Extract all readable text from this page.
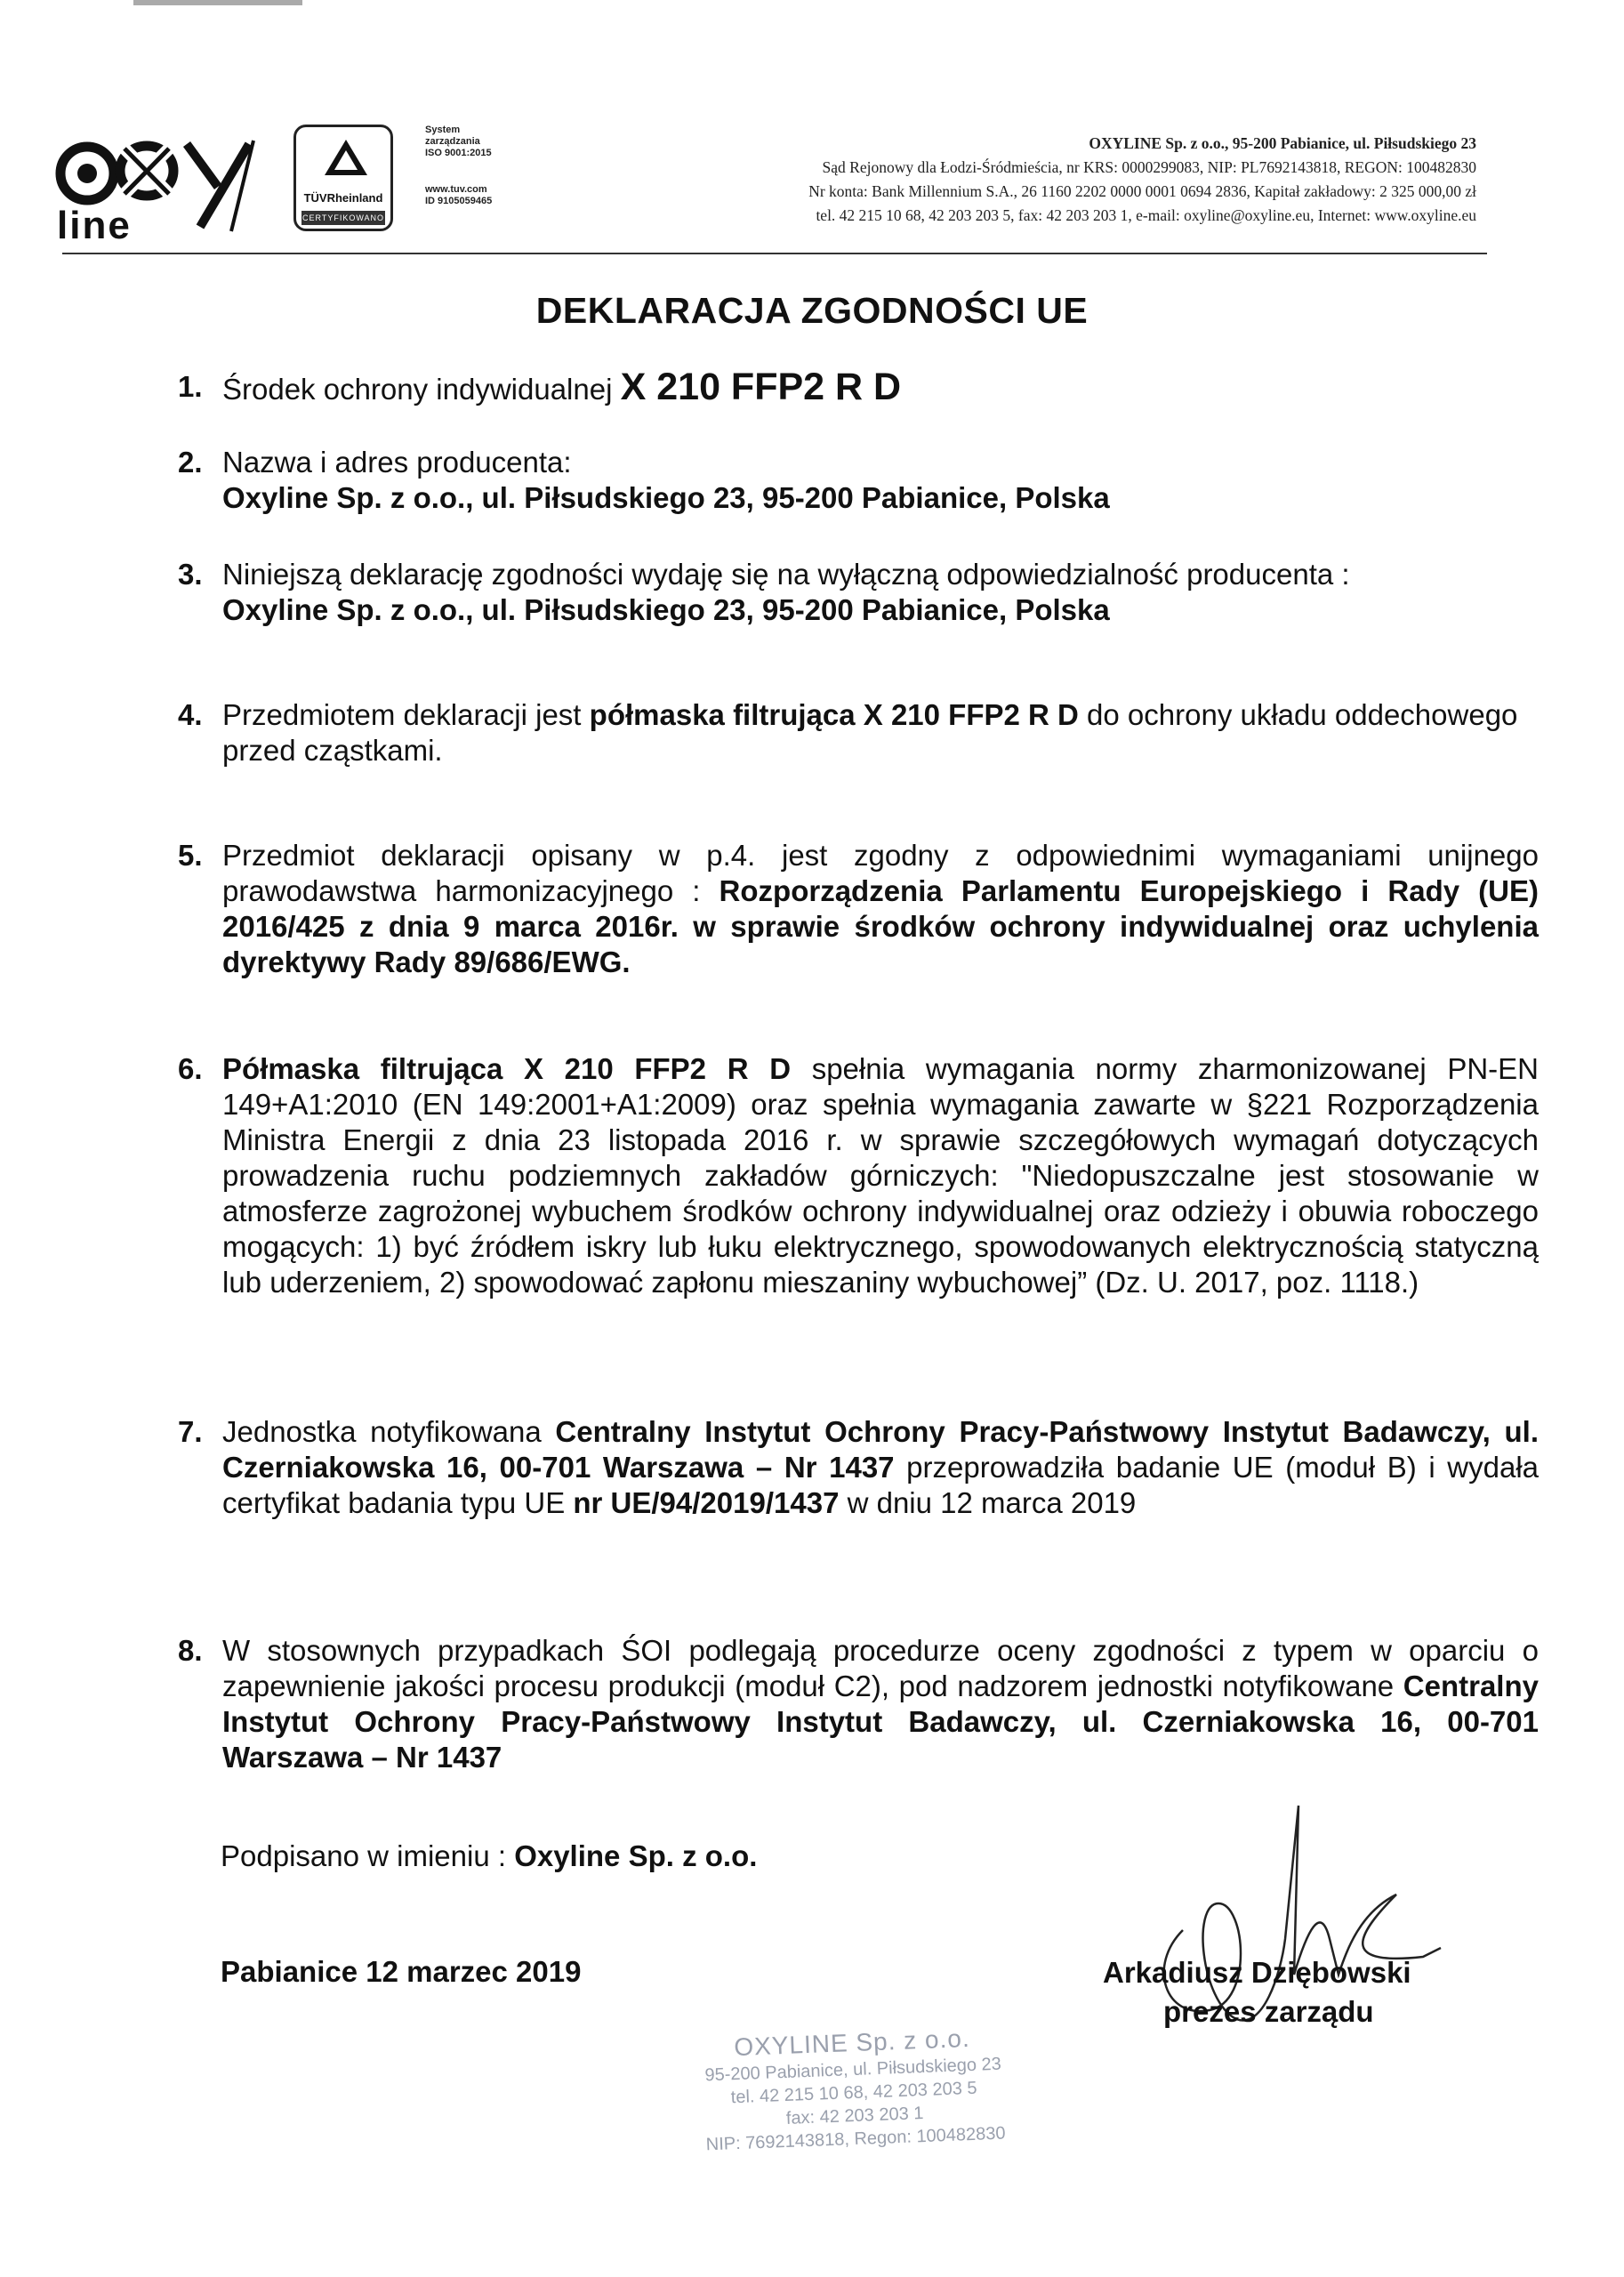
line
TÜVRheinland
CERTYFIKOWANO
System
zarządzania
ISO 9001:2015
www.tuv.com
ID 9105059465
OXYLINE Sp. z o.o., 95-200 Pabianice, ul. Piłsudskiego 23
Sąd Rejonowy dla Łodzi-Śródmieścia, nr KRS: 0000299083, NIP: PL7692143818, REGON: 100482830
Nr konta: Bank Millennium S.A., 26 1160 2202 0000 0001 0694 2836, Kapitał zakładowy: 2 325 000,00 zł
tel. 42 215 10 68, 42 203 203 5, fax: 42 203 203 1, e-mail: oxyline@oxyline.eu, Internet: www.oxyline.eu
DEKLARACJA ZGODNOŚCI UE
1. Środek ochrony indywidualnej X 210 FFP2 R D
2. Nazwa i adres producenta:
Oxyline Sp. z o.o., ul. Piłsudskiego 23, 95-200 Pabianice, Polska
3. Niniejszą deklarację zgodności wydaję się na wyłączną odpowiedzialność producenta :
Oxyline Sp. z o.o., ul. Piłsudskiego 23, 95-200 Pabianice, Polska
4. Przedmiotem deklaracji jest półmaska filtrująca X 210 FFP2 R D do ochrony układu oddechowego przed cząstkami.
5. Przedmiot deklaracji opisany w p.4. jest zgodny z odpowiednimi wymaganiami unijnego prawodawstwa harmonizacyjnego : Rozporządzenia Parlamentu Europejskiego i Rady (UE) 2016/425 z dnia 9 marca 2016r. w sprawie środków ochrony indywidualnej oraz uchylenia dyrektywy Rady 89/686/EWG.
6. Półmaska filtrująca X 210 FFP2 R D spełnia wymagania normy zharmonizowanej PN-EN 149+A1:2010 (EN 149:2001+A1:2009) oraz spełnia wymagania zawarte w §221 Rozporządzenia Ministra Energii z dnia 23 listopada 2016 r. w sprawie szczegółowych wymagań dotyczących prowadzenia ruchu podziemnych zakładów górniczych: "Niedopuszczalne jest stosowanie w atmosferze zagrożonej wybuchem środków ochrony indywidualnej oraz odzieży i obuwia roboczego mogących: 1) być źródłem iskry lub łuku elektrycznego, spowodowanych elektrycznością statyczną lub uderzeniem, 2) spowodować zapłonu mieszaniny wybuchowej” (Dz. U. 2017, poz. 1118.)
7. Jednostka notyfikowana Centralny Instytut Ochrony Pracy-Państwowy Instytut Badawczy, ul. Czerniakowska 16, 00-701 Warszawa – Nr 1437 przeprowadziła badanie UE (moduł B) i wydała certyfikat badania typu UE nr UE/94/2019/1437 w dniu 12 marca 2019
8. W stosownych przypadkach ŚOI podlegają procedurze oceny zgodności z typem w oparciu o zapewnienie jakości procesu produkcji (moduł C2), pod nadzorem jednostki notyfikowane Centralny Instytut Ochrony Pracy-Państwowy Instytut Badawczy, ul. Czerniakowska 16, 00-701 Warszawa – Nr 1437
Podpisano w imieniu : Oxyline Sp. z o.o.
Pabianice 12 marzec 2019	Arkadiusz Dziębowski
prezes zarządu
OXYLINE Sp. z o.o.
95-200 Pabianice, ul. Piłsudskiego 23
tel. 42 215 10 68, 42 203 203 5
fax: 42 203 203 1
NIP: 7692143818, Regon: 100482830
